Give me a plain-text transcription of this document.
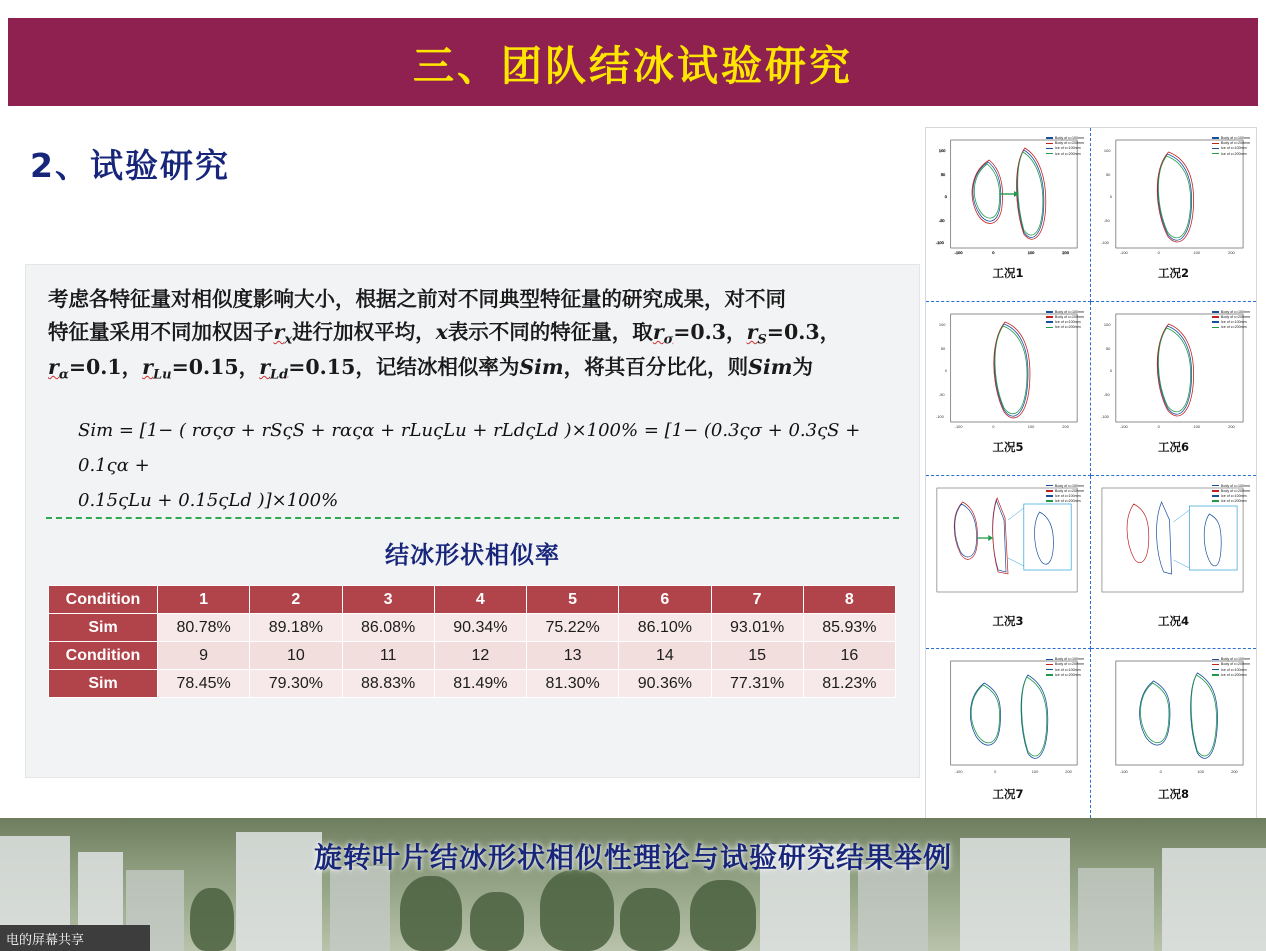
三、团队结冰试验研究
2、试验研究
考虑各特征量对相似度影响大小，根据之前对不同典型特征量的研究成果，对不同
特征量采用不同加权因子$r_x$进行加权平均，x表示不同的特征量，取$r_\sigma=0.3$，$r_S=0.3$，
$r_\alpha=0.1$，$r_{Lu}=0.15$，$r_{Ld}=0.15$，记结冰相似率为Sim，将其百分比化，则Sim为
Sim = [1− ( rσςσ + rSςS + rαςα + rLuςLu + rLdςLd )×100% = [1− (0.3ςσ + 0.3ςS + 0.1ςα +
0.15ςLu + 0.15ςLd )]×100%
结冰形状相似率
Condition	1	2	3	4	5	6	7	8
Sim	80.78%	89.18%	86.08%	90.34%	75.22%	86.10%	93.01%	85.93%
Condition	9	10	11	12	13	14	15	16
Sim	78.45%	79.30%	88.83%	81.49%	81.30%	90.36%	77.31%	81.23%
-100	0	100	200
100
50
0
-50
-100
Body of c=100mm
Body of c=200mm
Ice of c=100mm
Ice of c=200mm
工况1
-100	0	100	200
100
50
0
-50
-100
Body of c=100mm
Body of c=200mm
Ice of c=100mm
Ice of c=200mm
工况2
-100	0	100	200
100
50
0
-50
-100
Body of c=100mm
Body of c=200mm
Ice of c=100mm
Ice of c=200mm
工况5
-100	0	100	200
100
50
0
-50
-100
Body of c=100mm
Body of c=200mm
Ice of c=100mm
Ice of c=200mm
工况6
Body of c=100mm
Body of c=200mm
Ice of c=100mm
Ice of c=200mm
工况3
Body of c=100mm
Body of c=200mm
Ice of c=100mm
Ice of c=200mm
工况4
-100	0	100	200
Body of c=100mm
Body of c=200mm
Ice of c=100mm
Ice of c=200mm
工况7
-100	0	100	200
Body of c=100mm
Body of c=200mm
Ice of c=100mm
Ice of c=200mm
工况8
旋转叶片结冰形状相似性理论与试验研究结果举例
电的屏幕共享
